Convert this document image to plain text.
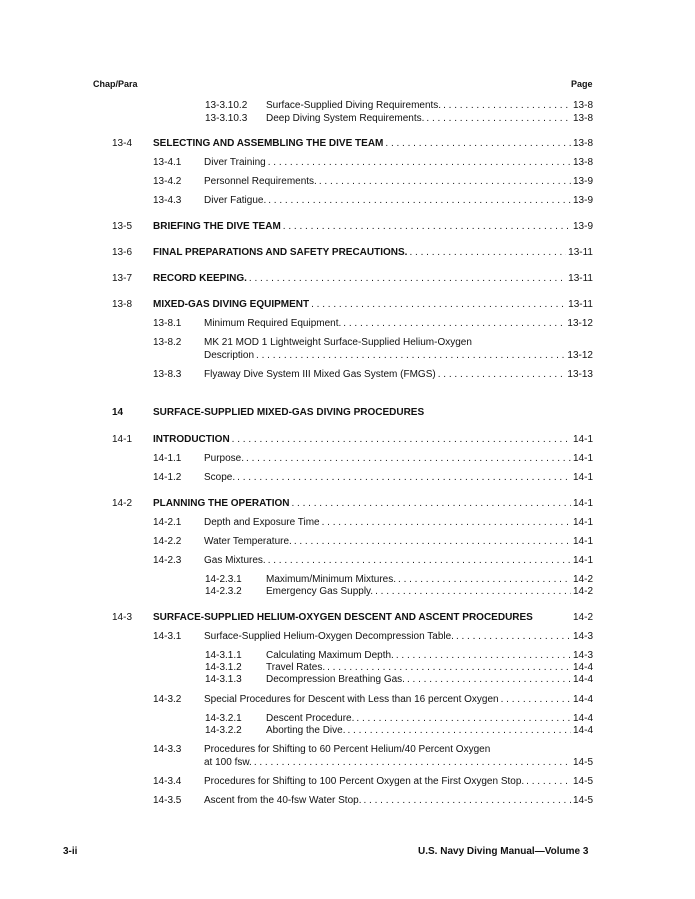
Chap/Para	Page
13-3.10.2 Surface-Supplied Diving Requirements. . . .	13-8
13-3.10.3 Deep Diving System Requirements. . . .	13-8
13-4 SELECTING AND ASSEMBLING THE DIVE TEAM . . .	13-8
13-4.1 Diver Training . . .	13-8
13-4.2 Personnel Requirements. . . .	13-9
13-4.3 Diver Fatigue. . . .	13-9
13-5 BRIEFING THE DIVE TEAM . . .	13-9
13-6 FINAL PREPARATIONS AND SAFETY PRECAUTIONS. . . .	13-11
13-7 RECORD KEEPING. . . .	13-11
13-8 MIXED-GAS DIVING EQUIPMENT . . .	13-11
13-8.1 Minimum Required Equipment. . . .	13-12
13-8.2 MK 21 MOD 1 Lightweight Surface-Supplied Helium-Oxygen
Description . . .	13-12
13-8.3 Flyaway Dive System III Mixed Gas System (FMGS) . . .	13-13
14	SURFACE-SUPPLIED MIXED-GAS DIVING PROCEDURES
14-1 INTRODUCTION . . .	14-1
14-1.1 Purpose. . . .	14-1
14-1.2 Scope. . . .	14-1
14-2 PLANNING THE OPERATION . . .	14-1
14-2.1 Depth and Exposure Time . . .	14-1
14-2.2 Water Temperature. . . .	14-1
14-2.3 Gas Mixtures. . . .	14-1
14-2.3.1 Maximum/Minimum Mixtures. . . .	14-2
14-2.3.2 Emergency Gas Supply. . . .	14-2
14-3 SURFACE-SUPPLIED HELIUM-OXYGEN DESCENT AND ASCENT PROCEDURES	14-2
14-3.1 Surface-Supplied Helium-Oxygen Decompression Table. . . .	14-3
14-3.1.1 Calculating Maximum Depth. . . .	14-3
14-3.1.2 Travel Rates. . . .	14-4
14-3.1.3 Decompression Breathing Gas. . . .	14-4
14-3.2 Special Procedures for Descent with Less than 16 percent Oxygen . . .	14-4
14-3.2.1 Descent Procedure. . . .	14-4
14-3.2.2 Aborting the Dive. . . .	14-4
14-3.3 Procedures for Shifting to 60 Percent Helium/40 Percent Oxygen
at 100 fsw. . . .	14-5
14-3.4 Procedures for Shifting to 100 Percent Oxygen at the First Oxygen Stop. . . .	14-5
14-3.5 Ascent from the 40-fsw Water Stop. . . .	14-5
3-ii	U.S. Navy Diving Manual—Volume 3
